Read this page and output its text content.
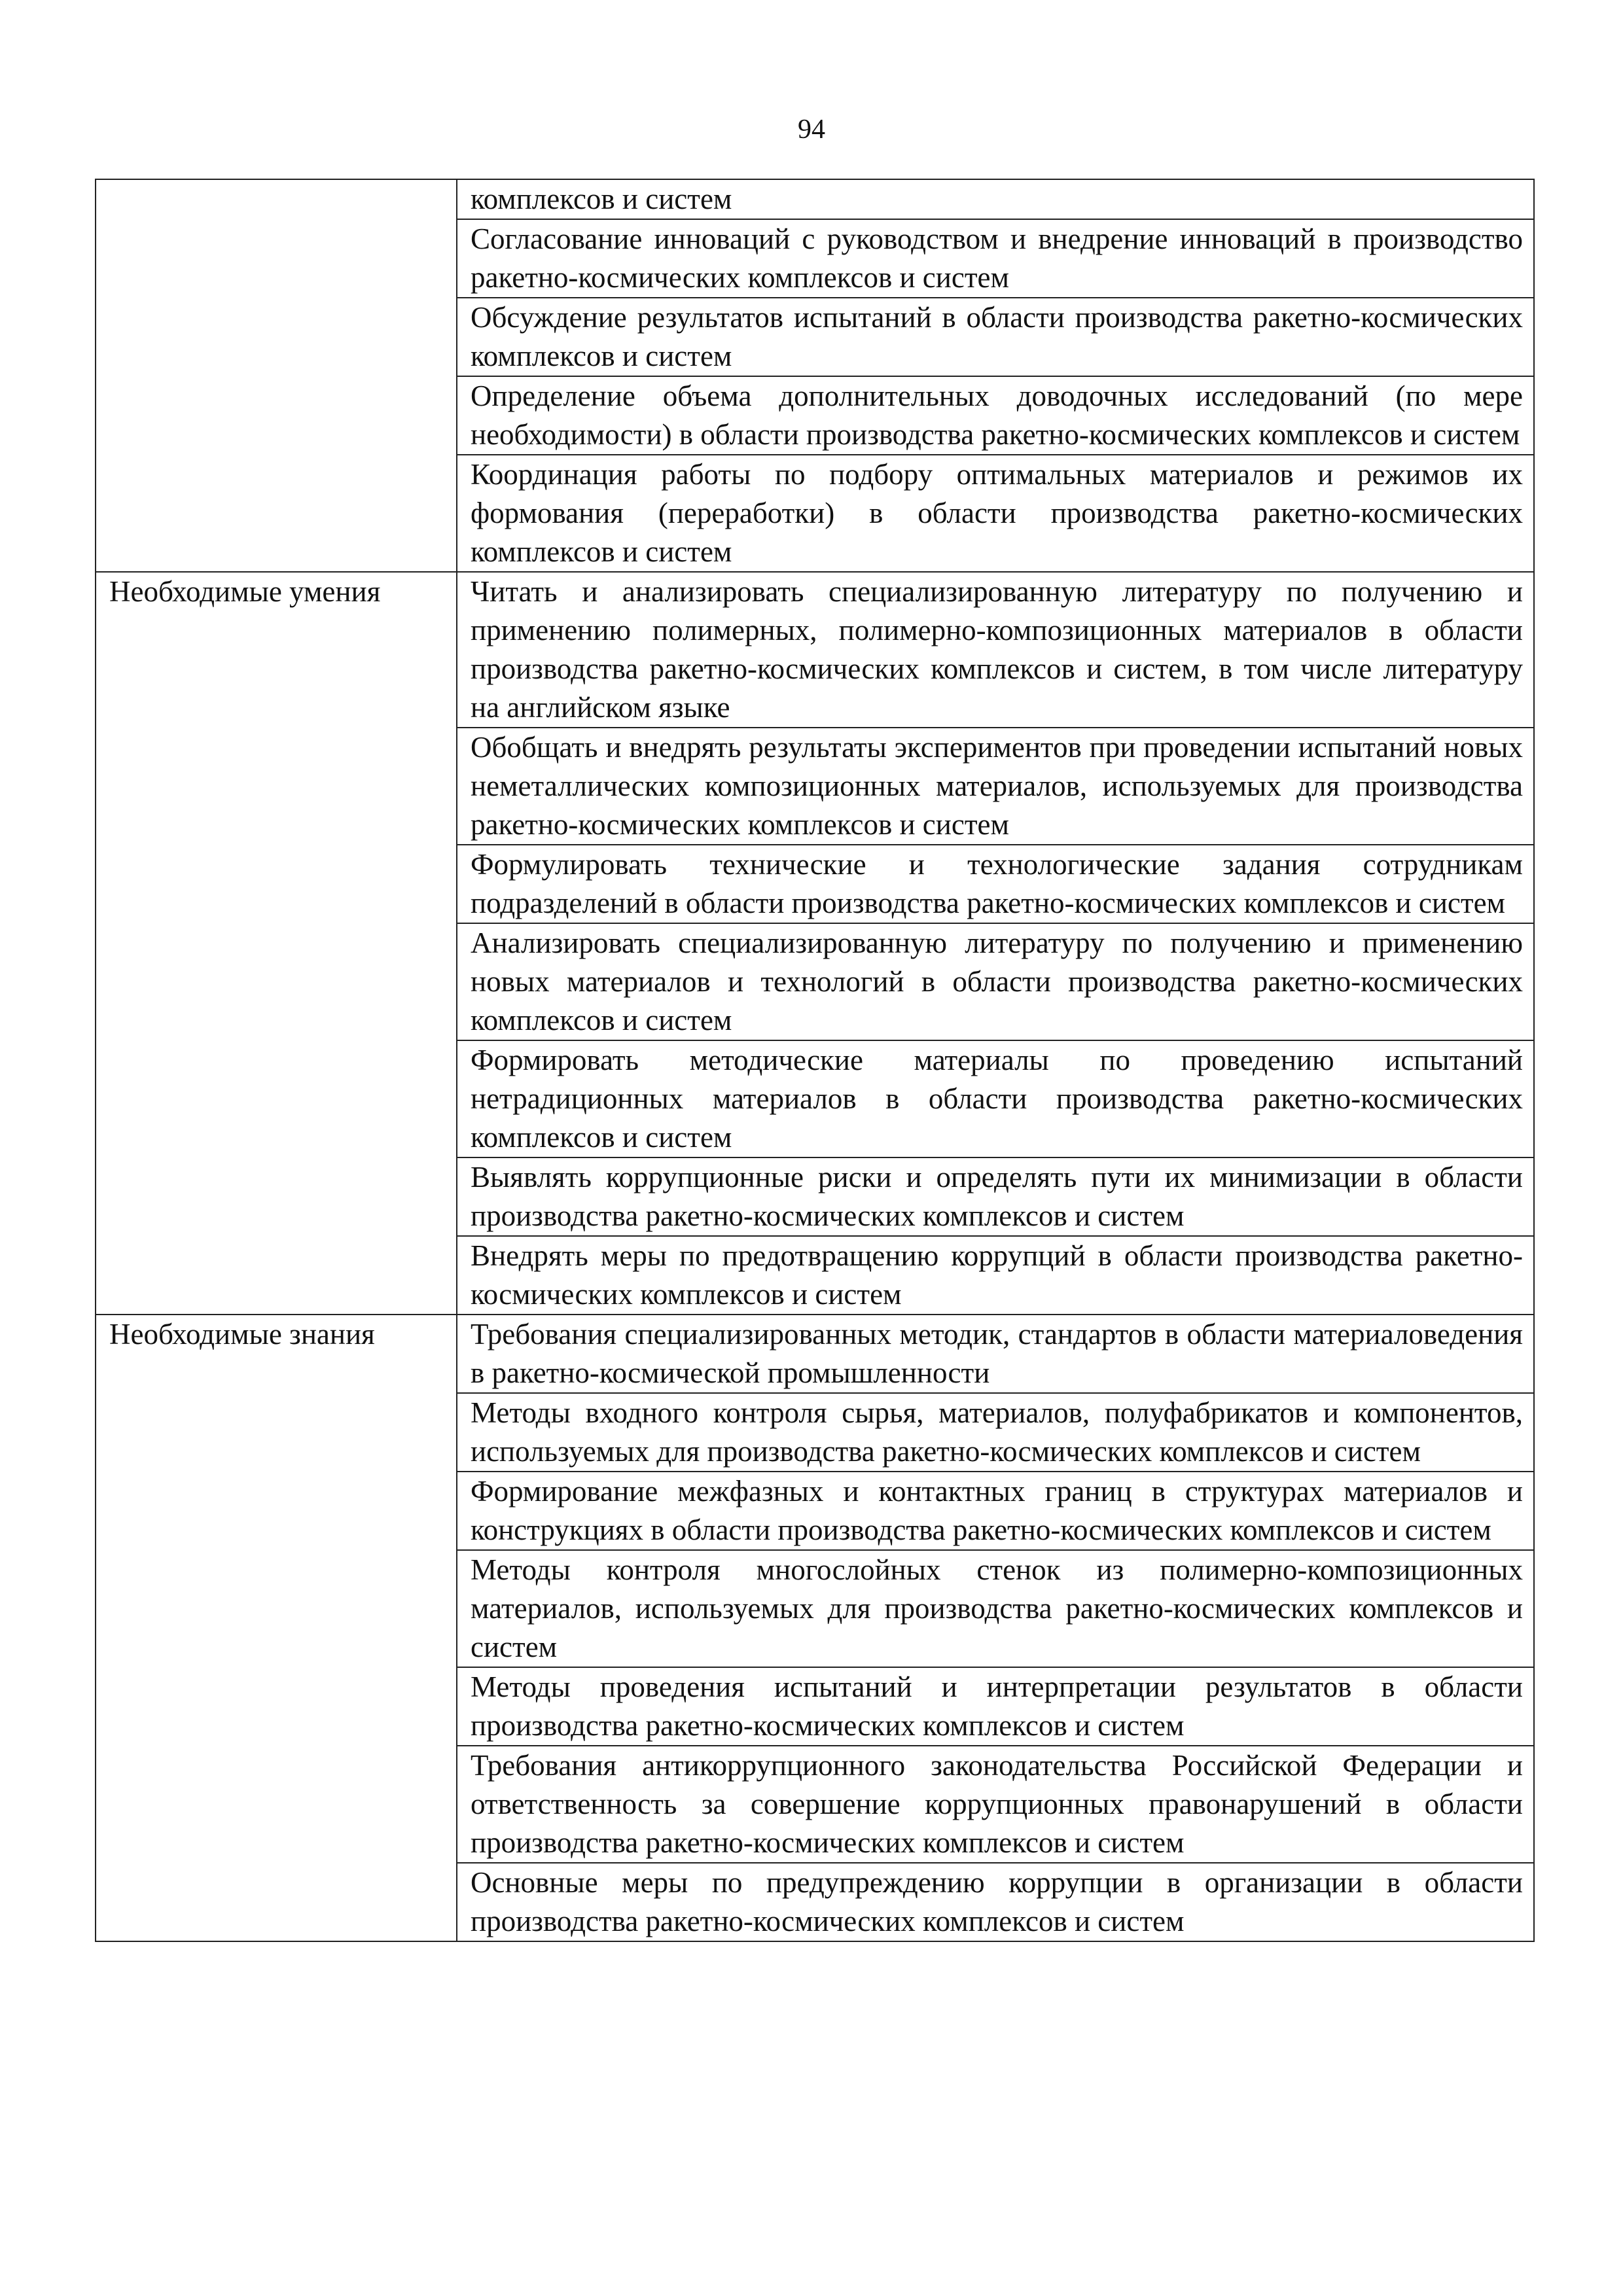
94
	комплексов и систем
	Согласование инноваций с руководством и внедрение инноваций в производство ракетно-космических комплексов и систем
	Обсуждение результатов испытаний в области производства ракетно-космических комплексов и систем
	Определение объема дополнительных доводочных исследований (по мере необходимости) в области производства ракетно-космических комплексов и систем
	Координация работы по подбору оптимальных материалов и режимов их формования (переработки) в области производства ракетно-космических комплексов и систем
Необходимые умения	Читать и анализировать специализированную литературу по получению и применению полимерных, полимерно-композиционных материалов в области производства ракетно-космических комплексов и систем, в том числе литературу на английском языке
	Обобщать и внедрять результаты экспериментов при проведении испытаний новых неметаллических композиционных материалов, используемых для производства ракетно-космических комплексов и систем
	Формулировать технические и технологические задания сотрудникам подразделений в области производства ракетно-космических комплексов и систем
	Анализировать специализированную литературу по получению и применению новых материалов и технологий в области производства ракетно-космических комплексов и систем
	Формировать методические материалы по проведению испытаний нетрадиционных материалов в области производства ракетно-космических комплексов и систем
	Выявлять коррупционные риски и определять пути их минимизации в области производства ракетно-космических комплексов и систем
	Внедрять меры по предотвращению коррупций в области производства ракетно-космических комплексов и систем
Необходимые знания	Требования специализированных методик, стандартов в области материаловедения в ракетно-космической промышленности
	Методы входного контроля сырья, материалов, полуфабрикатов и компонентов, используемых для производства ракетно-космических комплексов и систем
	Формирование межфазных и контактных границ в структурах материалов и конструкциях в области производства ракетно-космических комплексов и систем
	Методы контроля многослойных стенок из полимерно-композиционных материалов, используемых для производства ракетно-космических комплексов и систем
	Методы проведения испытаний и интерпретации результатов в области производства ракетно-космических комплексов и систем
	Требования антикоррупционного законодательства Российской Федерации и ответственность за совершение коррупционных правонарушений в области производства ракетно-космических комплексов и систем
	Основные меры по предупреждению коррупции в организации в области производства ракетно-космических комплексов и систем
